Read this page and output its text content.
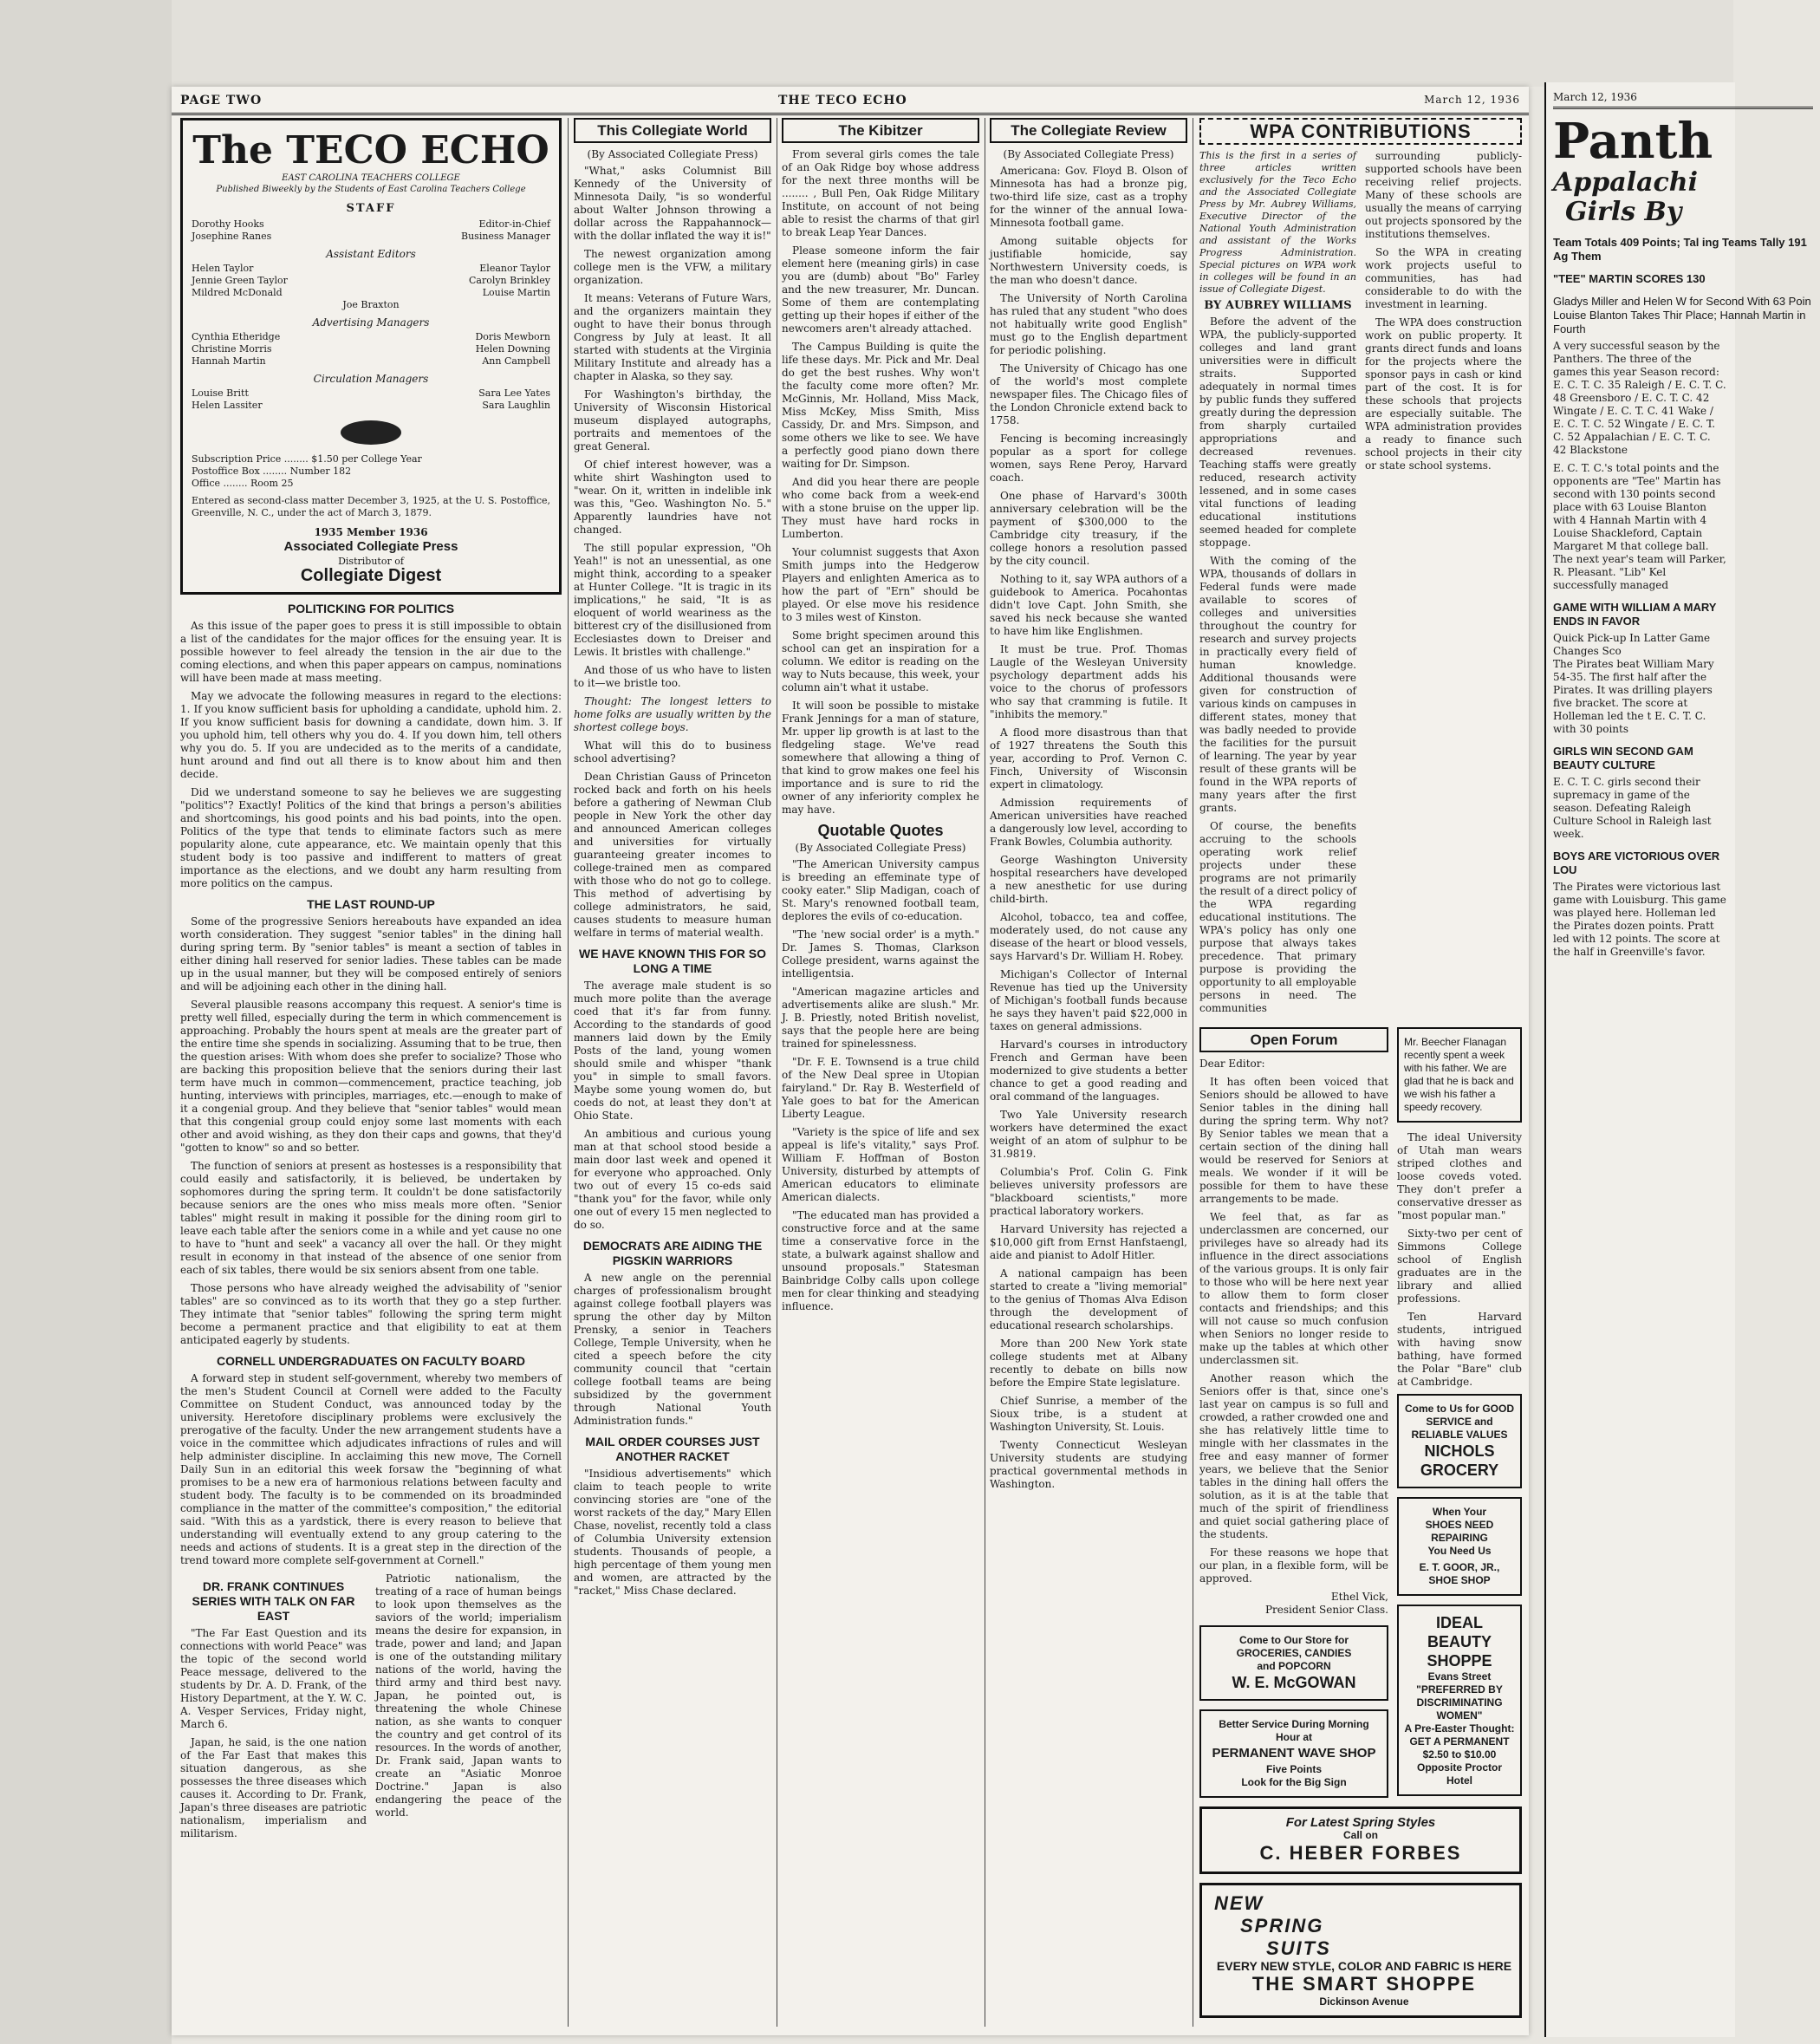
PAGE TWO	THE TECO ECHO	March 12, 1936
The TECO ECHO
EAST CAROLINA TEACHERS COLLEGE
Published Biweekly by the Students of East Carolina Teachers College
STAFF
Dorothy Hooks	Editor-in-Chief
Josephine Ranes	Business Manager
Assistant Editors
Helen Taylor	Eleanor Taylor
Jennie Green Taylor	Carolyn Brinkley
Mildred McDonald	Louise Martin
Joe Braxton
Advertising Managers
Cynthia Etheridge	Doris Mewborn
Christine Morris	Helen Downing
Hannah Martin	Ann Campbell
Circulation Managers
Louise Britt	Sara Lee Yates
Helen Lassiter	Sara Laughlin
Subscription Price ........ $1.50 per College Year
Postoffice Box ........ Number 182
Office ........ Room 25
Entered as second-class matter December 3, 1925, at the U. S. Postoffice, Greenville, N. C., under the act of March 3, 1879.
1935 Member 1936
Associated Collegiate Press
Distributor of
Collegiate Digest
POLITICKING FOR POLITICS

As this issue of the paper goes to press it is still impossible to obtain a list of the candidates for the major offices for the ensuing year. It is possible however to feel already the tension in the air due to the coming elections, and when this paper appears on campus, nominations will have been made at mass meeting.

May we advocate the following measures in regard to the elections: 1. If you know sufficient basis for upholding a candidate, uphold him. 2. If you know sufficient basis for downing a candidate, down him. 3. If you uphold him, tell others why you do. 4. If you down him, tell others why you do. 5. If you are undecided as to the merits of a candidate, hunt around and find out all there is to know about him and then decide.

Did we understand someone to say he believes we are suggesting "politics"? Exactly! Politics of the kind that brings a person's abilities and shortcomings, his good points and his bad points, into the open. Politics of the type that tends to eliminate factors such as mere popularity alone, cute appearance, etc. We maintain openly that this student body is too passive and indifferent to matters of great importance as the elections, and we doubt any harm resulting from more politics on the campus.

THE LAST ROUND-UP

Some of the progressive Seniors hereabouts have expanded an idea worth consideration. They suggest "senior tables" in the dining hall during spring term. By "senior tables" is meant a section of tables in either dining hall reserved for senior ladies. These tables can be made up in the usual manner, but they will be composed entirely of seniors and will be adjoining each other in the dining hall.

Several plausible reasons accompany this request. A senior's time is pretty well filled, especially during the term in which commencement is approaching. Probably the hours spent at meals are the greater part of the entire time she spends in socializing. Assuming that to be true, then the question arises: With whom does she prefer to socialize? Those who are backing this proposition believe that the seniors during their last term have much in common—commencement, practice teaching, job hunting, interviews with principles, marriages, etc.—enough to make of it a congenial group. And they believe that "senior tables" would mean that this congenial group could enjoy some last moments with each other and avoid wishing, as they don their caps and gowns, that they'd "gotten to know" so and so better.

The function of seniors at present as hostesses is a responsibility that could easily and satisfactorily, it is believed, be undertaken by sophomores during the spring term. It couldn't be done satisfactorily because seniors are the ones who miss meals more often. "Senior tables" might result in making it possible for the dining room girl to leave each table after the seniors come in a while and yet cause no one to have to "hunt and seek" a vacancy all over the hall. Or they might result in economy in that instead of the absence of one senior from each of six tables, there would be six seniors absent from one table.

Those persons who have already weighed the advisability of "senior tables" are so convinced as to its worth that they go a step further. They intimate that "senior tables" following the spring term might become a permanent practice and that eligibility to eat at them anticipated eagerly by students.

CORNELL UNDERGRADUATES ON FACULTY BOARD

A forward step in student self-government, whereby two members of the men's Student Council at Cornell were added to the Faculty Committee on Student Conduct, was announced today by the university. Heretofore disciplinary problems were exclusively the prerogative of the faculty. Under the new arrangement students have a voice in the committee which adjudicates infractions of rules and will help administer discipline. In acclaiming this new move, The Cornell Daily Sun in an editorial this week forsaw the "beginning of what promises to be a new era of harmonious relations between faculty and student body. The faculty is to be commended on its broadminded compliance in the matter of the committee's composition," the editorial said. "With this as a yardstick, there is every reason to believe that understanding will eventually extend to any group catering to the needs and actions of students. It is a great step in the direction of the trend toward more complete self-government at Cornell."

DR. FRANK CONTINUES SERIES WITH TALK ON FAR EAST

"The Far East Question and its connections with world Peace" was the topic of the second world Peace message, delivered to the students by Dr. A. D. Frank, of the History Department, at the Y. W. C. A. Vesper Services, Friday night, March 6.

Japan, he said, is the one nation of the Far East that makes this situation dangerous, as she possesses the three diseases which causes it. According to Dr. Frank, Japan's three diseases are patriotic nationalism, imperialism and militarism.

Patriotic nationalism, the treating of a race of human beings to look upon themselves as the saviors of the world; imperialism means the desire for expansion, in trade, power and land; and Japan is one of the outstanding military nations of the world, having the third army and third best navy. Japan, he pointed out, is threatening the whole Chinese nation, as she wants to conquer the country and get control of its resources. In the words of another, Dr. Frank said, Japan wants to create an "Asiatic Monroe Doctrine." Japan is also endangering the peace of the world.

This Collegiate World
(By Associated Collegiate Press)

"What," asks Columnist Bill Kennedy of the University of Minnesota Daily, "is so wonderful about Walter Johnson throwing a dollar across the Rappahannock—with the dollar inflated the way it is!"

The newest organization among college men is the VFW, a military organization.

It means: Veterans of Future Wars, and the organizers maintain they ought to have their bonus through Congress by July at least. It all started with students at the Virginia Military Institute and already has a chapter in Alaska, so they say.

For Washington's birthday, the University of Wisconsin Historical museum displayed autographs, portraits and mementoes of the great General.

Of chief interest however, was a white shirt Washington used to "wear. On it, written in indelible ink was this, "Geo. Washington No. 5." Apparently laundries have not changed.

The still popular expression, "Oh Yeah!" is not an unessential, as one might think, according to a speaker at Hunter College. "It is tragic in its implications," he said, "It is as eloquent of world weariness as the bitterest cry of the disillusioned from Ecclesiastes down to Dreiser and Lewis. It bristles with challenge."

And those of us who have to listen to it—we bristle too.

Thought: The longest letters to home folks are usually written by the shortest college boys.

What will this do to business school advertising?

Dean Christian Gauss of Princeton rocked back and forth on his heels before a gathering of Newman Club people in New York the other day and announced American colleges and universities for virtually guaranteeing greater incomes to college-trained men as compared with those who do not go to college. This method of advertising by college administrators, he said, causes students to measure human welfare in terms of material wealth.

WE HAVE KNOWN THIS FOR SO LONG A TIME

The average male student is so much more polite than the average coed that it's far from funny. According to the standards of good manners laid down by the Emily Posts of the land, young women should smile and whisper "thank you" in simple to small favors. Maybe some young women do, but coeds do not, at least they don't at Ohio State.

An ambitious and curious young man at that school stood beside a main door last week and opened it for everyone who approached. Only two out of every 15 co-eds said "thank you" for the favor, while only one out of every 15 men neglected to do so.

DEMOCRATS ARE AIDING THE PIGSKIN WARRIORS

A new angle on the perennial charges of professionalism brought against college football players was sprung the other day by Milton Prensky, a senior in Teachers College, Temple University, when he cited a speech before the city community council that "certain college football teams are being subsidized by the government through National Youth Administration funds."

MAIL ORDER COURSES JUST ANOTHER RACKET

"Insidious advertisements" which claim to teach people to write convincing stories are "one of the worst rackets of the day," Mary Ellen Chase, novelist, recently told a class of Columbia University extension students. Thousands of people, a high percentage of them young men and women, are attracted by the "racket," Miss Chase declared.

The Kibitzer

From several girls comes the tale of an Oak Ridge boy whose address for the next three months will be ........ , Bull Pen, Oak Ridge Military Institute, on account of not being able to resist the charms of that girl to break Leap Year Dances.

Please someone inform the fair element here (meaning girls) in case you are (dumb) about "Bo" Farley and the new treasurer, Mr. Duncan. Some of them are contemplating getting up their hopes if either of the newcomers aren't already attached.

The Campus Building is quite the life these days. Mr. Pick and Mr. Deal do get the best rushes. Why won't the faculty come more often? Mr. McGinnis, Mr. Holland, Miss Mack, Miss McKey, Miss Smith, Miss Cassidy, Dr. and Mrs. Simpson, and some others we like to see. We have a perfectly good piano down there waiting for Dr. Simpson.

And did you hear there are people who come back from a week-end with a stone bruise on the upper lip. They must have hard rocks in Lumberton.

Your columnist suggests that Axon Smith jumps into the Hedgerow Players and enlighten America as to how the part of "Ern" should be played. Or else move his residence to 3 miles west of Kinston.

Some bright specimen around this school can get an inspiration for a column. We editor is reading on the way to Nuts because, this week, your column ain't what it ustabe.

It will soon be possible to mistake Frank Jennings for a man of stature, Mr. upper lip growth is at last to the fledgeling stage. We've read somewhere that allowing a thing of that kind to grow makes one feel his importance and is sure to rid the owner of any inferiority complex he may have.

Quotable Quotes
(By Associated Collegiate Press)

"The American University campus is breeding an effeminate type of cooky eater." Slip Madigan, coach of St. Mary's renowned football team, deplores the evils of co-education.

"The 'new social order' is a myth." Dr. James S. Thomas, Clarkson College president, warns against the intelligentsia.

"American magazine articles and advertisements alike are slush." Mr. J. B. Priestly, noted British novelist, says that the people here are being trained for spinelessness.

"Dr. F. E. Townsend is a true child of the New Deal spree in Utopian fairyland." Dr. Ray B. Westerfield of Yale goes to bat for the American Liberty League.

"Variety is the spice of life and sex appeal is life's vitality," says Prof. William F. Hoffman of Boston University, disturbed by attempts of American educators to eliminate American dialects.

"The educated man has provided a constructive force and at the same time a conservative force in the state, a bulwark against shallow and unsound proposals." Statesman Bainbridge Colby calls upon college men for clear thinking and steadying influence.

The Collegiate Review
(By Associated Collegiate Press)

Americana: Gov. Floyd B. Olson of Minnesota has had a bronze pig, two-third life size, cast as a trophy for the winner of the annual Iowa-Minnesota football game.

Among suitable objects for justifiable homicide, say Northwestern University coeds, is the man who doesn't dance.

The University of North Carolina has ruled that any student "who does not habitually write good English" must go to the English department for periodic polishing.

The University of Chicago has one of the world's most complete newspaper files. The Chicago files of the London Chronicle extend back to 1758.

Fencing is becoming increasingly popular as a sport for college women, says Rene Peroy, Harvard coach.

One phase of Harvard's 300th anniversary celebration will be the payment of $300,000 to the Cambridge city treasury, if the college honors a resolution passed by the city council.

Nothing to it, say WPA authors of a guidebook to America. Pocahontas didn't love Capt. John Smith, she saved his neck because she wanted to have him like Englishmen.

It must be true. Prof. Thomas Laugle of the Wesleyan University psychology department adds his voice to the chorus of professors who say that cramming is futile. It "inhibits the memory."

A flood more disastrous than that of 1927 threatens the South this year, according to Prof. Vernon C. Finch, University of Wisconsin expert in climatology.

Admission requirements of American universities have reached a dangerously low level, according to Frank Bowles, Columbia authority.

George Washington University hospital researchers have developed a new anesthetic for use during child-birth.

Alcohol, tobacco, tea and coffee, moderately used, do not cause any disease of the heart or blood vessels, says Harvard's Dr. William H. Robey.

Michigan's Collector of Internal Revenue has tied up the University of Michigan's football funds because he says they haven't paid $22,000 in taxes on general admissions.

Harvard's courses in introductory French and German have been modernized to give students a better chance to get a good reading and oral command of the languages.

Two Yale University research workers have determined the exact weight of an atom of sulphur to be 31.9819.

Columbia's Prof. Colin G. Fink believes university professors are "blackboard scientists," more practical laboratory workers.

Harvard University has rejected a $10,000 gift from Ernst Hanfstaengl, aide and pianist to Adolf Hitler.

A national campaign has been started to create a "living memorial" to the genius of Thomas Alva Edison through the development of educational research scholarships.

More than 200 New York state college students met at Albany recently to debate on bills now before the Empire State legislature.

Chief Sunrise, a member of the Sioux tribe, is a student at Washington University, St. Louis.

Twenty Connecticut Wesleyan University students are studying practical governmental methods in Washington.

WPA CONTRIBUTIONS
This is the first in a series of three articles written exclusively for the Teco Echo and the Associated Collegiate Press by Mr. Aubrey Williams, Executive Director of the National Youth Administration and assistant of the Works Progress Administration. Special pictures on WPA work in colleges will be found in an issue of Collegiate Digest.
BY AUBREY WILLIAMS

Before the advent of the WPA, the publicly-supported colleges and land grant universities were in difficult straits. Supported adequately in normal times by public funds they suffered greatly during the depression from sharply curtailed appropriations and decreased revenues. Teaching staffs were greatly reduced, research activity lessened, and in some cases vital functions of leading educational institutions seemed headed for complete stoppage.

With the coming of the WPA, thousands of dollars in Federal funds were made available to scores of colleges and universities throughout the country for research and survey projects in practically every field of human knowledge. Additional thousands were given for construction of various kinds on campuses in different states, money that was badly needed to provide the facilities for the pursuit of learning. The year by year result of these grants will be found in the WPA reports of many years after the first grants.

Of course, the benefits accruing to the schools operating work relief projects under these programs are not primarily the result of a direct policy of the WPA regarding educational institutions. The WPA's policy has only one purpose that always takes precedence. That primary purpose is providing the opportunity to all employable persons in need. The communities

surrounding publicly-supported schools have been receiving relief projects. Many of these schools are usually the means of carrying out projects sponsored by the institutions themselves.

So the WPA in creating work projects useful to communities, has had considerable to do with the investment in learning.

The WPA does construction work on public property. It grants direct funds and loans for the projects where the sponsor pays in cash or kind part of the cost. It is for these schools that projects are especially suitable. The WPA administration provides a ready to finance such school projects in their city or state school systems.

Open Forum

Dear Editor:

It has often been voiced that Seniors should be allowed to have Senior tables in the dining hall during the spring term. Why not? By Senior tables we mean that a certain section of the dining hall would be reserved for Seniors at meals. We wonder if it will be possible for them to have these arrangements to be made.

We feel that, as far as underclassmen are concerned, our privileges have so already had its influence in the direct associations of the various groups. It is only fair to those who will be here next year to allow them to form closer contacts and friendships; and this will not cause so much confusion when Seniors no longer reside to make up the tables at which other underclassmen sit.

Another reason which the Seniors offer is that, since one's last year on campus is so full and crowded, a rather crowded one and she has relatively little time to mingle with her classmates in the free and easy manner of former years, we believe that the Senior tables in the dining hall offers the solution, as it is at the table that much of the spirit of friendliness and quiet social gathering place of the students.

For these reasons we hope that our plan, in a flexible form, will be approved.

Ethel Vick,
President Senior Class.
Come to Our Store for
GROCERIES, CANDIES
and POPCORN
W. E. McGOWAN
Better Service During Morning Hour at
PERMANENT WAVE SHOP
Five Points
Look for the Big Sign
Mr. Beecher Flanagan recently spent a week with his father. We are glad that he is back and we wish his father a speedy recovery.

The ideal University of Utah man wears striped clothes and loose coveds voted. They don't prefer a conservative dresser as "most popular man."

Sixty-two per cent of Simmons College school of English graduates are in the library and allied professions.

Ten Harvard students, intrigued with having snow bathing, have formed the Polar "Bare" club at Cambridge.

Come to Us for GOOD SERVICE and
RELIABLE VALUES
NICHOLS GROCERY
When Your
SHOES NEED REPAIRING
You Need Us
E. T. GOOR, JR., SHOE SHOP
IDEAL BEAUTY
SHOPPE
Evans Street
"PREFERRED BY DISCRIMINATING WOMEN"
A Pre-Easter Thought:
GET A PERMANENT
$2.50 to $10.00
Opposite Proctor Hotel
For Latest Spring Styles
Call on
C. HEBER FORBES
NEW
SPRING
SUITS
EVERY NEW STYLE, COLOR AND FABRIC IS HERE
THE SMART SHOPPE
Dickinson Avenue
March 12, 1936
Panth
Appalachi
Girls By
Team Totals 409 Points; Tal ing Teams Tally 191 Ag Them
"TEE" MARTIN SCORES 130
Gladys Miller and Helen W for Second With 63 Poin Louise Blanton Takes Thir Place; Hannah Martin in Fourth
A very successful season by the Panthers. The three of the games this year Season record:
E. C. T. C. 35 Raleigh / E. C. T. C. 48 Greensboro / E. C. T. C. 42 Wingate / E. C. T. C. 41 Wake / E. C. T. C. 52 Wingate / E. C. T. C. 52 Appalachian / E. C. T. C. 42 Blackstone
E. C. T. C.'s total points and the opponents are "Tee" Martin has second with 130 points second place with 63 Louise Blanton with 4 Hannah Martin with 4 Louise Shackleford, Captain Margaret M that college ball. The next year's team will Parker, R. Pleasant. "Lib" Kel successfully managed
GAME WITH WILLIAM A MARY ENDS IN FAVOR
Quick Pick-up In Latter Game Changes Sco
The Pirates beat William Mary 54-35. The first half after the Pirates. It was drilling players five bracket. The score at Holleman led the t E. C. T. C. with 30 points
GIRLS WIN SECOND GAM BEAUTY CULTURE
E. C. T. C. girls second their supremacy in game of the season. Defeating Raleigh Culture School in Raleigh last week.
BOYS ARE VICTORIOUS OVER LOU
The Pirates were victorious last game with Louisburg. This game was played here. Holleman led the Pirates dozen points. Pratt led with 12 points. The score at the half in Greenville's favor.
